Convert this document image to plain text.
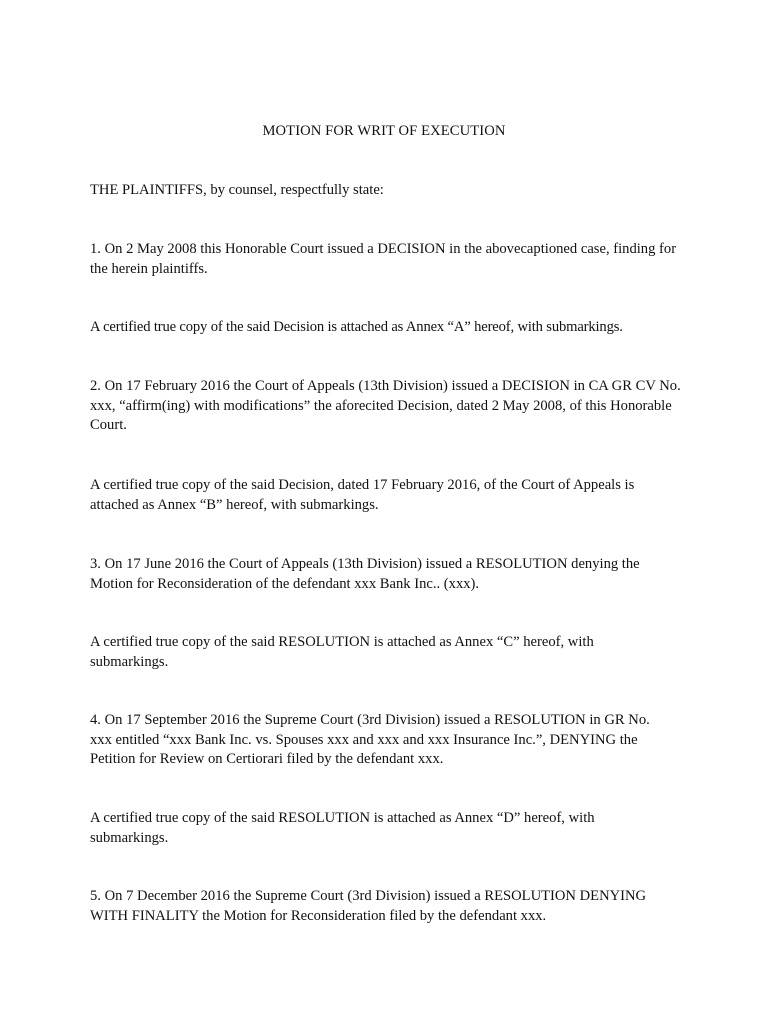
MOTION FOR WRIT OF EXECUTION

THE PLAINTIFFS, by counsel, respectfully state:

1. On 2 May 2008 this Honorable Court issued a DECISION in the abovecaptioned case, finding for the herein plaintiffs.

A certified true copy of the said Decision is attached as Annex “A” hereof, with submarkings.

2. On 17 February 2016 the Court of Appeals (13th Division) issued a DECISION in CA GR CV No. xxx, “affirm(ing) with modifications” the aforecited Decision, dated 2 May 2008, of this Honorable Court.

A certified true copy of the said Decision, dated 17 February 2016, of the Court of Appeals is attached as Annex “B” hereof, with submarkings.

3. On 17 June 2016 the Court of Appeals (13th Division) issued a RESOLUTION denying the Motion for Reconsideration of the defendant xxx Bank Inc.. (xxx).

A certified true copy of the said RESOLUTION is attached as Annex “C” hereof, with submarkings.

4. On 17 September 2016 the Supreme Court (3rd Division) issued a RESOLUTION in GR No. xxx entitled “xxx Bank Inc. vs. Spouses xxx and xxx and xxx Insurance Inc.”, DENYING the Petition for Review on Certiorari filed by the defendant xxx.

A certified true copy of the said RESOLUTION is attached as Annex “D” hereof, with submarkings.

5. On 7 December 2016 the Supreme Court (3rd Division) issued a RESOLUTION DENYING WITH FINALITY the Motion for Reconsideration filed by the defendant xxx.
